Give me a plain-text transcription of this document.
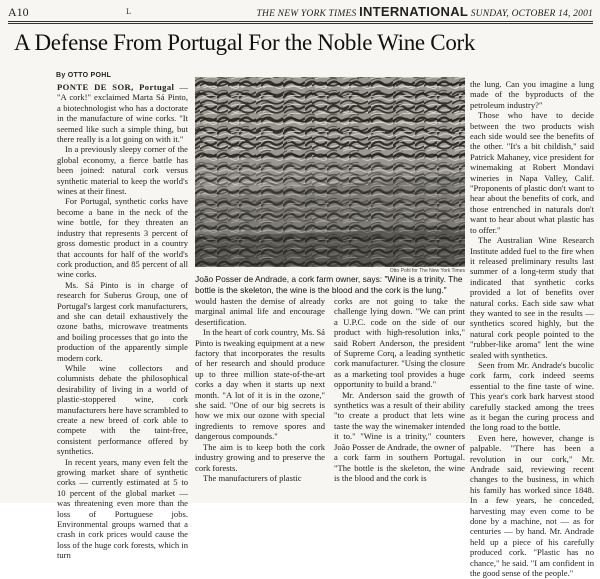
A10	L	THE NEW YORK TIMES INTERNATIONAL SUNDAY, OCTOBER 14, 2001
A Defense From Portugal For the Noble Wine Cork
By OTTO POHL

PONTE DE SOR, Portugal — "A cork!" exclaimed Marta Sá Pinto, a biotechnologist who has a doctorate in the manufacture of wine corks. "It seemed like such a simple thing, but there really is a lot going on with it."

In a previously sleepy corner of the global economy, a fierce battle has been joined: natural cork versus synthetic material to keep the world's wines at their finest.

For Portugal, synthetic corks have become a bane in the neck of the wine bottle, for they threaten an industry that represents 3 percent of gross domestic product in a country that accounts for half of the world's cork production, and 85 percent of all wine corks.

Ms. Sá Pinto is in charge of research for Suberus Group, one of Portugal's largest cork manufacturers, and she can detail exhaustively the ozone baths, microwave treatments and boiling processes that go into the production of the apparently simple modern cork.

While wine collectors and columnists debate the philosophical desirability of living in a world of plastic-stoppered wine, cork manufacturers here have scrambled to create a new breed of cork able to compete with the taint-free, consistent performance offered by synthetics.

In recent years, many even felt the growing market share of synthetic corks — currently estimated at 5 to 10 percent of the global market — was threatening even more than the loss of Portuguese jobs. Environmental groups warned that a crash in cork prices would cause the loss of the huge cork forests, which in turn

Otto Pohl for The New York Times
João Posser de Andrade, a cork farm owner, says: "Wine is a trinity. The bottle is the skeleton, the wine is the blood and the cork is the lung."

would hasten the demise of already marginal animal life and encourage desertification.

In the heart of cork country, Ms. Sá Pinto is tweaking equipment at a new factory that incorporates the results of her research and should produce up to three million state-of-the-art corks a day when it starts up next month. "A lot of it is in the ozone," she said. "One of our big secrets is how we mix our ozone with special ingredients to remove spores and dangerous compounds."

The aim is to keep both the cork industry growing and to preserve the cork forests.

The manufacturers of plastic

corks are not going to take the challenge lying down. "We can print a U.P.C. code on the side of our product with high-resolution inks," said Robert Anderson, the president of Supreme Corq, a leading synthetic cork manufacturer. "Using the closure as a marketing tool provides a huge opportunity to build a brand."

Mr. Anderson said the growth of synthetics was a result of their ability "to create a product that lets wine taste the way the winemaker intended it to." "Wine is a trinity," counters João Posser de Andrade, the owner of a cork farm in southern Portugal. "The bottle is the skeleton, the wine is the blood and the cork is

the lung. Can you imagine a lung made of the byproducts of the petroleum industry?"

Those who have to decide between the two products wish each side would see the benefits of the other. "It's a bit childish," said Patrick Mahaney, vice president for winemaking at Robert Mondavi wineries in Napa Valley, Calif. "Proponents of plastic don't want to hear about the benefits of cork, and those entrenched in naturals don't want to hear about what plastic has to offer."

The Australian Wine Research Institute added fuel to the fire when it released preliminary results last summer of a long-term study that indicated that synthetic corks provided a lot of benefits over natural corks. Each side saw what they wanted to see in the results — synthetics scored highly, but the natural cork people pointed to the "rubber-like aroma" lent the wine sealed with synthetics.

Seen from Mr. Andrade's bucolic cork farm, cork indeed seems essential to the fine taste of wine. This year's cork bark harvest stood carefully stacked among the trees as it began the curing process and the long road to the bottle.

Even here, however, change is palpable. "There has been a revolution in our cork," Mr. Andrade said, reviewing recent changes to the business, in which his family has worked since 1848. In a few years, he conceded, harvesting may even come to be done by a machine, not — as for centuries — by hand. Mr. Andrade held up a piece of his carefully produced cork. "Plastic has no chance," he said. "I am confident in the good sense of the people."
